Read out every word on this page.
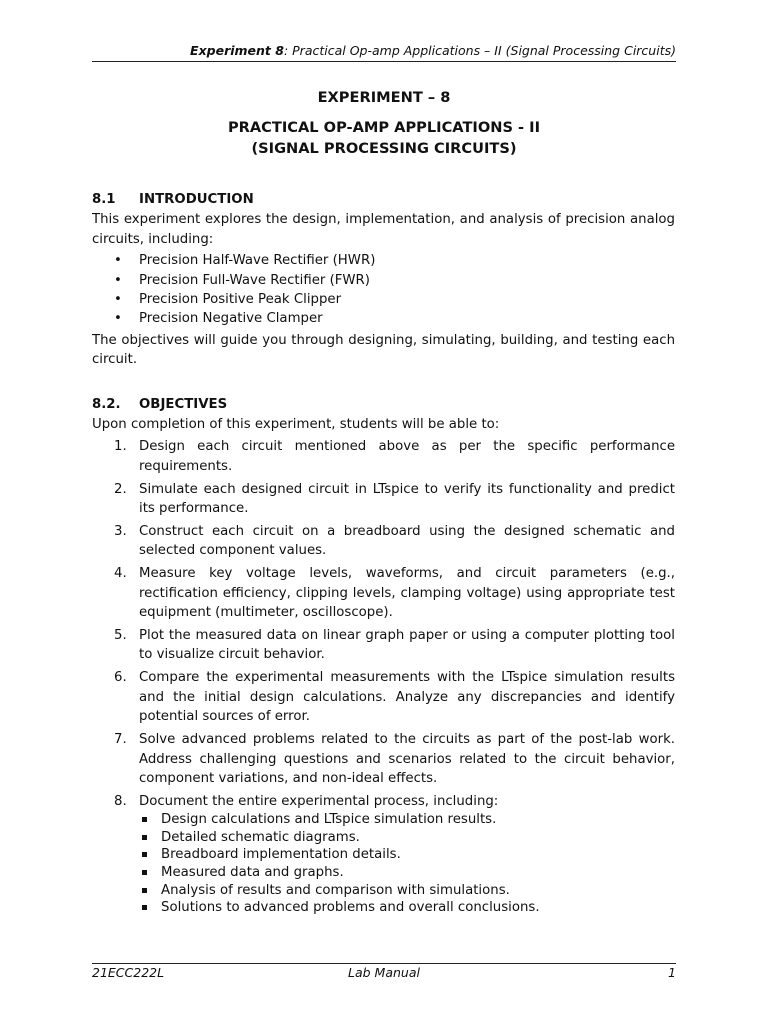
Experiment 8: Practical Op-amp Applications – II (Signal Processing Circuits)
EXPERIMENT – 8
PRACTICAL OP-AMP APPLICATIONS - II
(SIGNAL PROCESSING CIRCUITS)
8.1	INTRODUCTION

This experiment explores the design, implementation, and analysis of precision analog circuits, including:

• Precision Half-Wave Rectifier (HWR)
• Precision Full-Wave Rectifier (FWR)
• Precision Positive Peak Clipper
• Precision Negative Clamper

The objectives will guide you through designing, simulating, building, and testing each circuit.

8.2.	OBJECTIVES

Upon completion of this experiment, students will be able to:

1. Design each circuit mentioned above as per the specific performance requirements.
2. Simulate each designed circuit in LTspice to verify its functionality and predict its performance.
3. Construct each circuit on a breadboard using the designed schematic and selected component values.
4. Measure key voltage levels, waveforms, and circuit parameters (e.g., rectification efficiency, clipping levels, clamping voltage) using appropriate test equipment (multimeter, oscilloscope).
5. Plot the measured data on linear graph paper or using a computer plotting tool to visualize circuit behavior.
6. Compare the experimental measurements with the LTspice simulation results and the initial design calculations. Analyze any discrepancies and identify potential sources of error.
7. Solve advanced problems related to the circuits as part of the post-lab work. Address challenging questions and scenarios related to the circuit behavior, component variations, and non-ideal effects.
8. Document the entire experimental process, including:
Design calculations and LTspice simulation results.
Detailed schematic diagrams.
Breadboard implementation details.
Measured data and graphs.
Analysis of results and comparison with simulations.
Solutions to advanced problems and overall conclusions.
21ECC222L	Lab Manual	1
